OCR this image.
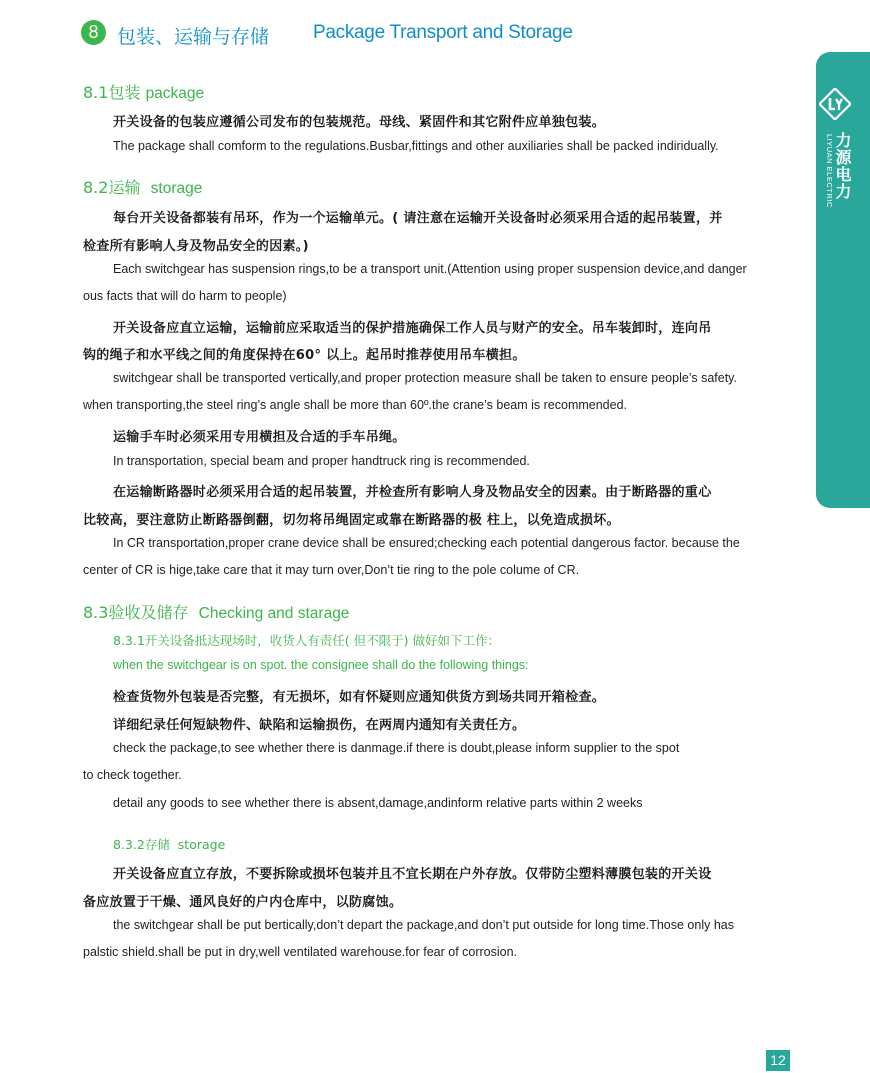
8 包装、运输与存储 Package Transport and Storage
LIYUAN ELECTRIC 力源电力
8.1包装 package
开关设备的包装应遵循公司发布的包装规范。母线、紧固件和其它附件应单独包装。
The package shall comform to the regulations.Busbar,fittings and other auxiliaries shall be packed indiridually.
8.2运输 storage
每台开关设备都装有吊环，作为一个运输单元。( 请注意在运输开关设备时必须采用合适的起吊装置，并
检查所有影响人身及物品安全的因素。)
Each switchgear has suspension rings,to be a transport unit.(Attention using proper suspension device,and danger
ous facts that will do harm to people)
开关设备应直立运输，运输前应采取适当的保护措施确保工作人员与财产的安全。吊车装卸时，连向吊
钩的绳子和水平线之间的角度保持在60° 以上。起吊时推荐使用吊车横担。
switchgear shall be transported vertically,and proper protection measure shall be taken to ensure people’s safety.
when transporting,the steel ring’s angle shall be more than 60º.the crane’s beam is recommended.
运输手车时必须采用专用横担及合适的手车吊绳。
In transportation, special beam and proper handtruck ring is recommended.
在运输断路器时必须采用合适的起吊装置，并检查所有影响人身及物品安全的因素。由于断路器的重心
比较高，要注意防止断路器倒翻，切勿将吊绳固定或靠在断路器的极 柱上，以免造成损坏。
In CR transportation,proper crane device shall be ensured;checking each potential dangerous factor. because the
center of CR is hige,take care that it may turn over,Don’t tie ring to the pole colume of CR.
8.3验收及储存 Checking and starage
8.3.1开关设备抵达现场时，收货人有责任( 但不限于) 做好如下工作：
when the switchgear is on spot. the consignee shall do the following things:
检查货物外包装是否完整，有无损坏，如有怀疑则应通知供货方到场共同开箱检查。
详细纪录任何短缺物件、缺陷和运输损伤，在两周内通知有关责任方。
check the package,to see whether there is danmage.if there is doubt,please inform supplier to the spot
to check together.
detail any goods to see whether there is absent,damage,andinform relative parts within 2 weeks
8.3.2存储 storage
开关设备应直立存放，不要拆除或损坏包装并且不宜长期在户外存放。仅带防尘塑料薄膜包装的开关设
备应放置于干燥、通风良好的户内仓库中，以防腐蚀。
the switchgear shall be put bertically,don’t depart the package,and don’t put outside for long time.Those only has
palstic shield.shall be put in dry,well ventilated warehouse.for fear of corrosion.
12
